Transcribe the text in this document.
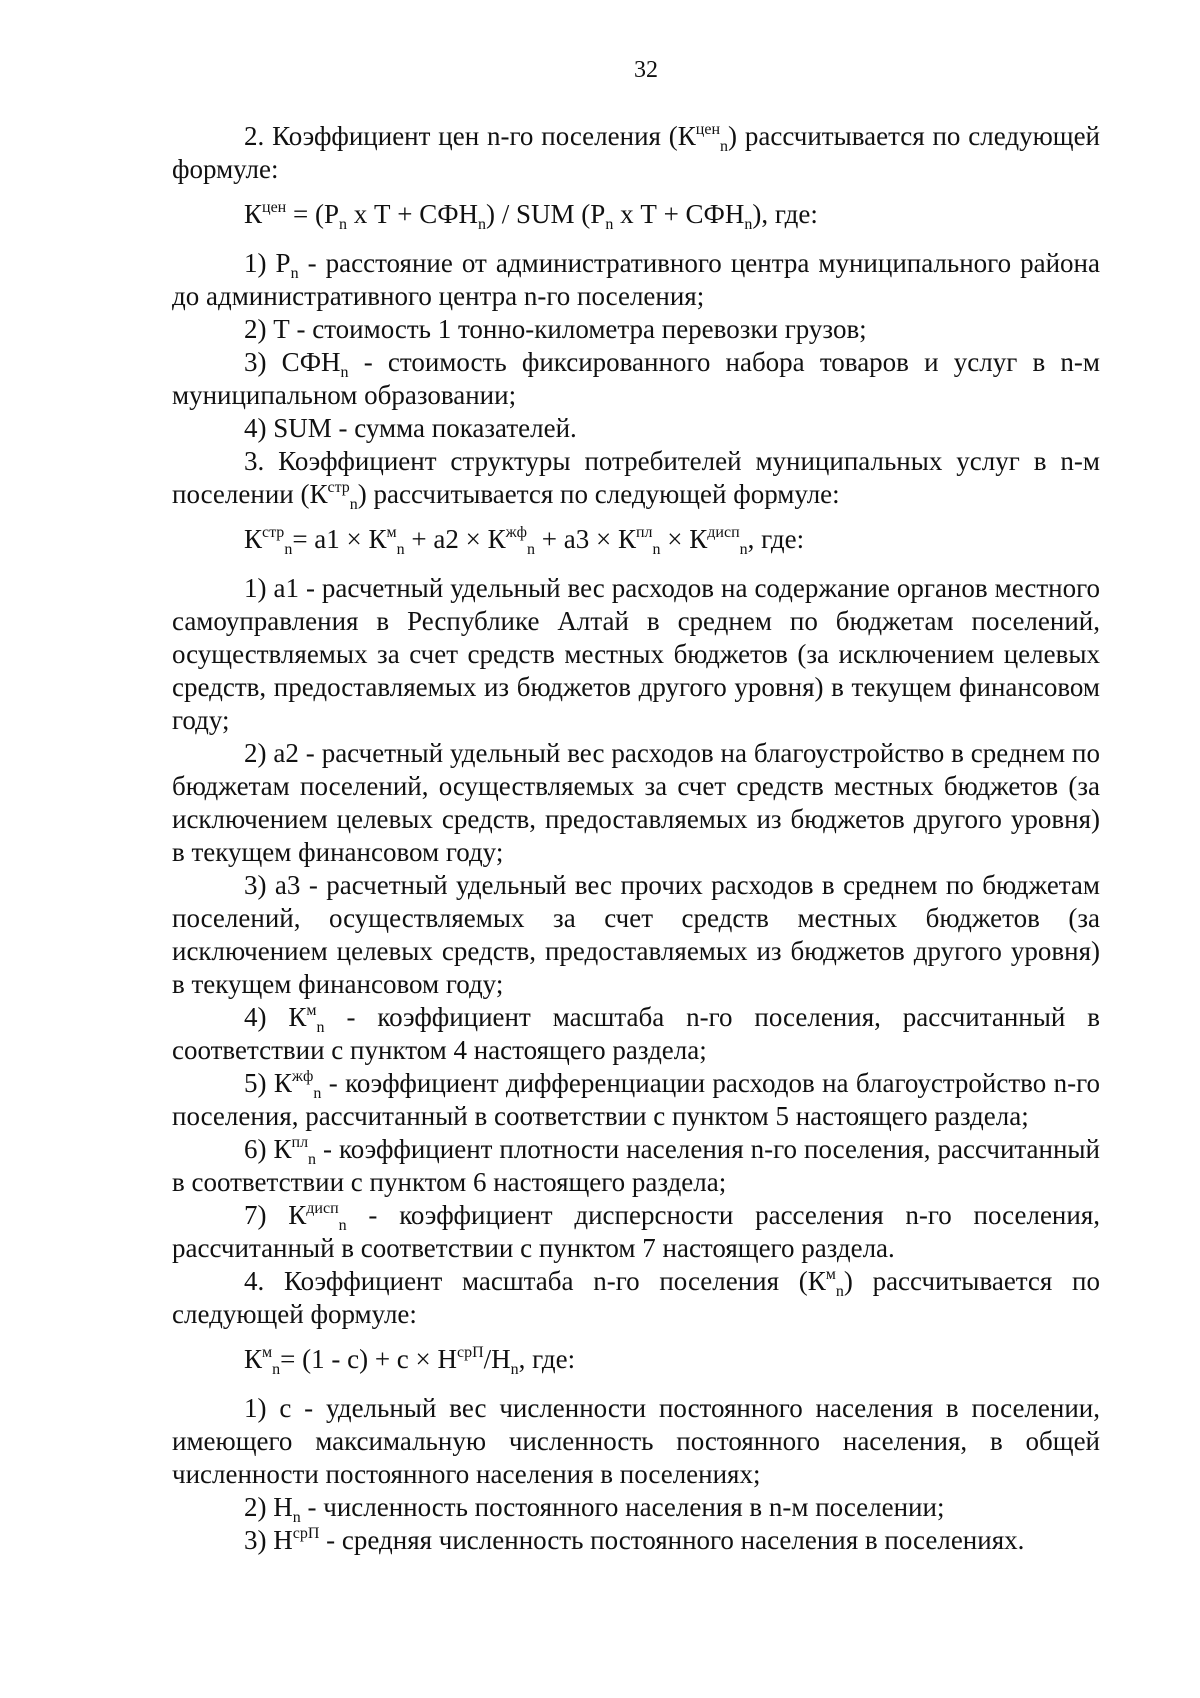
32

2. Коэффициент цен n-го поселения $(К^{цен}_n)$ рассчитывается по следующей формуле:

$К^{цен} = (Р_n$ х $Т + СФН_n$) / SUM ($Р_n$ х $Т + СФН_n$), где:

1) $Р_n$ - расстояние от административного центра муниципального района до административного центра n-го поселения;

2) Т - стоимость 1 тонно-километра перевозки грузов;

3) $СФН_n$ - стоимость фиксированного набора товаров и услуг в n-м муниципальном образовании;

4) SUM - сумма показателей.

3. Коэффициент структуры потребителей муниципальных услуг в n-м поселении $(К^{стр}_n)$ рассчитывается по следующей формуле:

$К^{стр}_n= а1 \times К^м_n + а2 \times К^{жф}_n + а3 \times К^{пл}_n \times К^{дисп}_n$, где:

1) а1 - расчетный удельный вес расходов на содержание органов местного самоуправления в Республике Алтай в среднем по бюджетам поселений, осуществляемых за счет средств местных бюджетов (за исключением целевых средств, предоставляемых из бюджетов другого уровня) в текущем финансовом году;

2) а2 - расчетный удельный вес расходов на благоустройство в среднем по бюджетам поселений, осуществляемых за счет средств местных бюджетов (за исключением целевых средств, предоставляемых из бюджетов другого уровня) в текущем финансовом году;

3) а3 - расчетный удельный вес прочих расходов в среднем по бюджетам поселений, осуществляемых за счет средств местных бюджетов (за исключением целевых средств, предоставляемых из бюджетов другого уровня) в текущем финансовом году;

4) $К^м_n$ - коэффициент масштаба n-го поселения, рассчитанный в соответствии с пунктом 4 настоящего раздела;

5) $К^{жф}_n$ - коэффициент дифференциации расходов на благоустройство n-го поселения, рассчитанный в соответствии с пунктом 5 настоящего раздела;

6) $К^{пл}_n$ - коэффициент плотности населения n-го поселения, рассчитанный в соответствии с пунктом 6 настоящего раздела;

7) $К^{дисп}_n$ - коэффициент дисперсности расселения n-го поселения, рассчитанный в соответствии с пунктом 7 настоящего раздела.

4. Коэффициент масштаба n-го поселения $(К^м_n)$ рассчитывается по следующей формуле:

$К^м_n= (1 - с) + с \times Н^{срП}/Н_n$, где:

1) с - удельный вес численности постоянного населения в поселении, имеющего максимальную численность постоянного населения, в общей численности постоянного населения в поселениях;

2) $Н_n$ - численность постоянного населения в n-м поселении;

3) $Н^{срП}$ - средняя численность постоянного населения в поселениях.
